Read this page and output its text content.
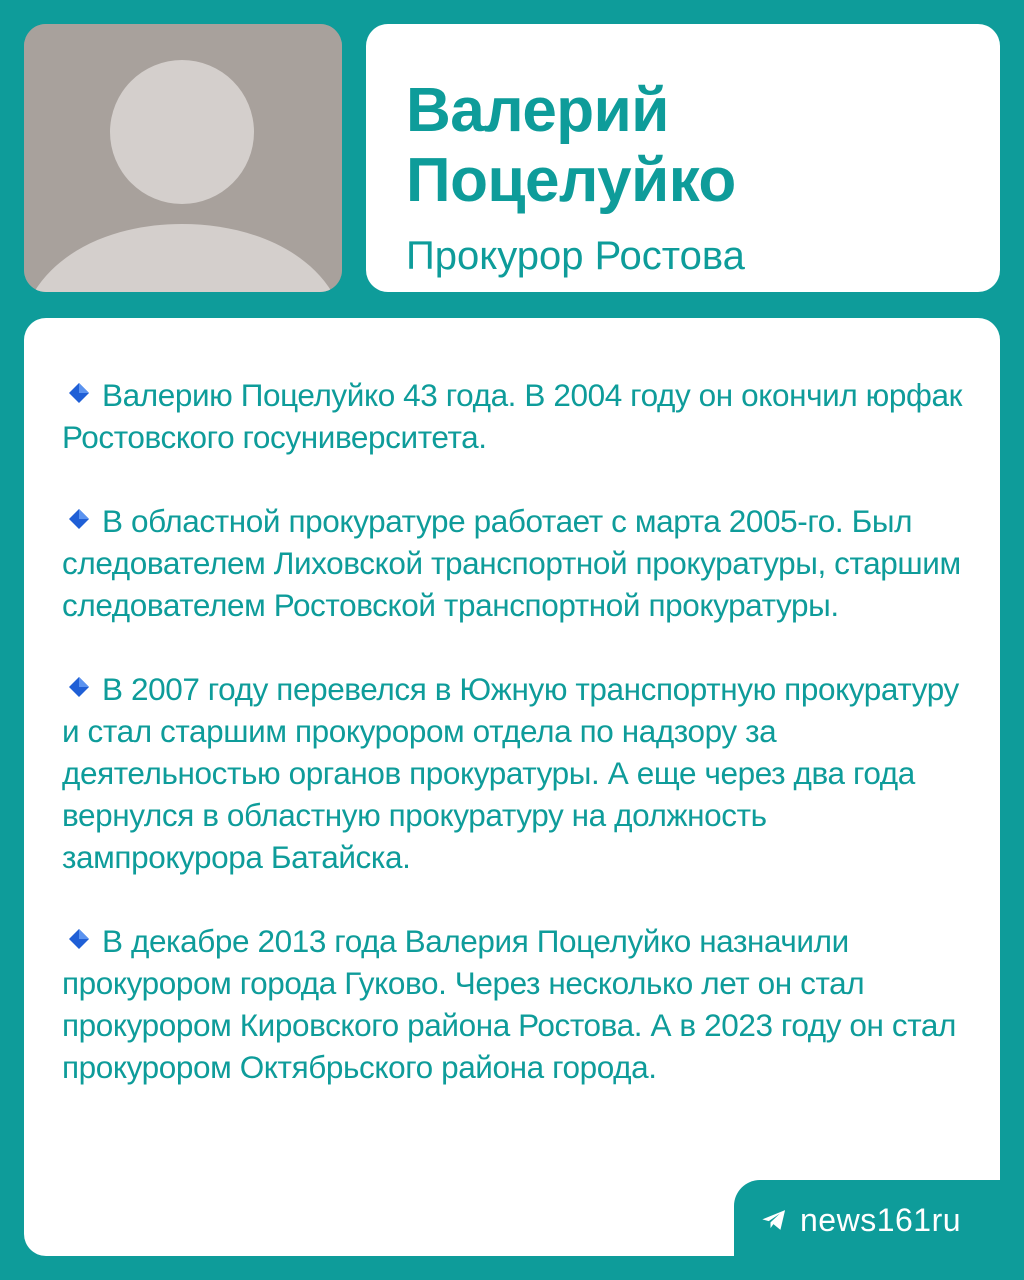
Валерий
Поцелуйко
Прокурор Ростова

Валерию Поцелуйко 43 года. В 2004 году он окончил юрфак Ростовского госуниверситета.

В областной прокуратуре работает с марта 2005-го. Был следователем Лиховской транспортной прокуратуры, старшим следователем Ростовской транспортной прокуратуры.

В 2007 году перевелся в Южную транспортную прокуратуру и стал старшим прокурором отдела по надзору за деятельностью органов прокуратуры. А еще через два года вернулся в областную прокуратуру на должность зампрокурора Батайска.

В декабре 2013 года Валерия Поцелуйко назначили прокурором города Гуково. Через несколько лет он стал прокурором Кировского района Ростова. А в 2023 году он стал прокурором Октябрьского района города.

news161ru
